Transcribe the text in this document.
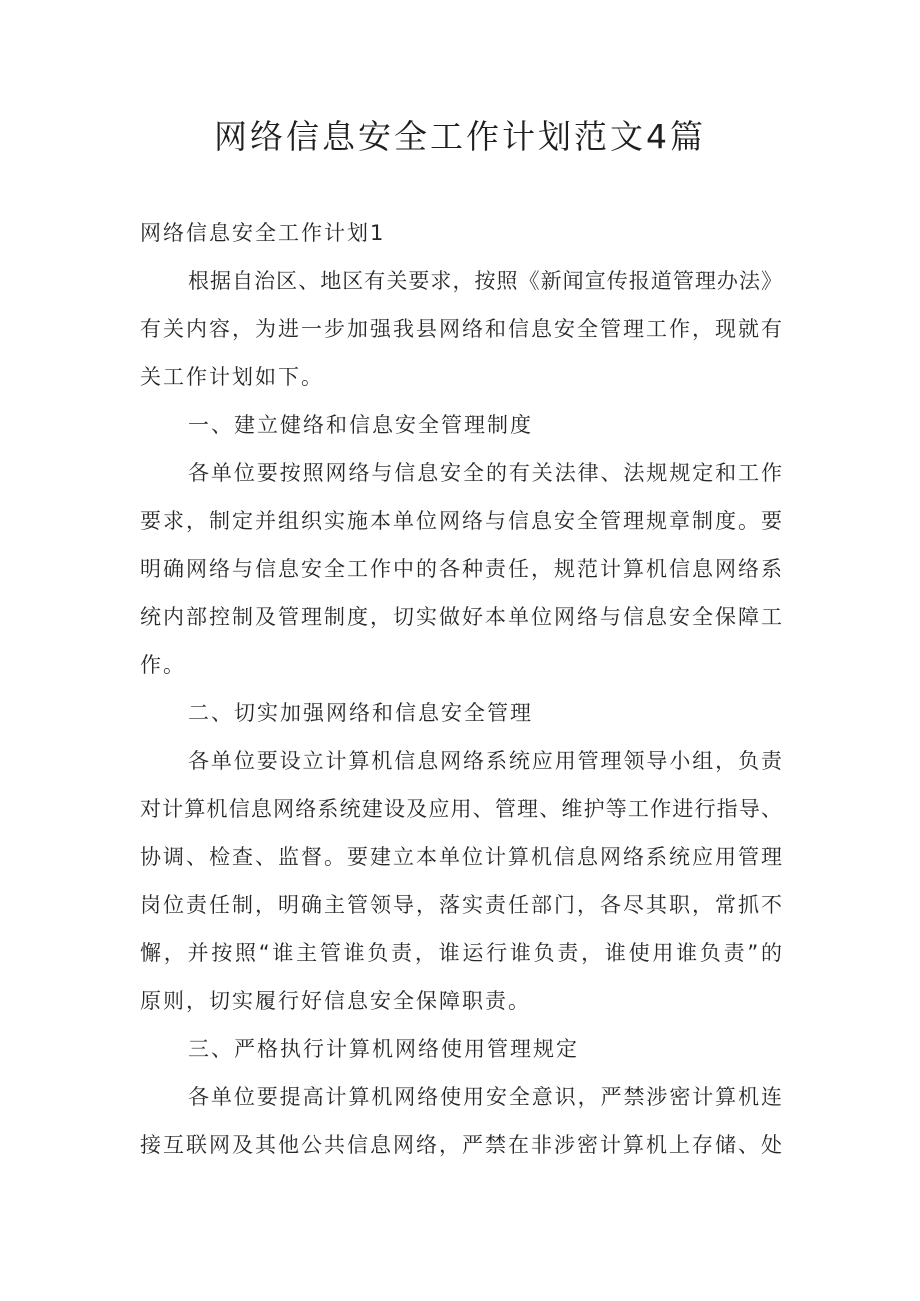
网络信息安全工作计划范文4篇

网络信息安全工作计划1

根据自治区、地区有关要求，按照《新闻宣传报道管理办法》

有关内容，为进一步加强我县网络和信息安全管理工作，现就有

关工作计划如下。

一、建立健络和信息安全管理制度

各单位要按照网络与信息安全的有关法律、法规规定和工作

要求，制定并组织实施本单位网络与信息安全管理规章制度。要

明确网络与信息安全工作中的各种责任，规范计算机信息网络系

统内部控制及管理制度，切实做好本单位网络与信息安全保障工

作。

二、切实加强网络和信息安全管理

各单位要设立计算机信息网络系统应用管理领导小组，负责

对计算机信息网络系统建设及应用、管理、维护等工作进行指导、

协调、检查、监督。要建立本单位计算机信息网络系统应用管理

岗位责任制，明确主管领导，落实责任部门，各尽其职，常抓不

懈，并按照“谁主管谁负责，谁运行谁负责，谁使用谁负责”的

原则，切实履行好信息安全保障职责。

三、严格执行计算机网络使用管理规定

各单位要提高计算机网络使用安全意识，严禁涉密计算机连

接互联网及其他公共信息网络，严禁在非涉密计算机上存储、处
